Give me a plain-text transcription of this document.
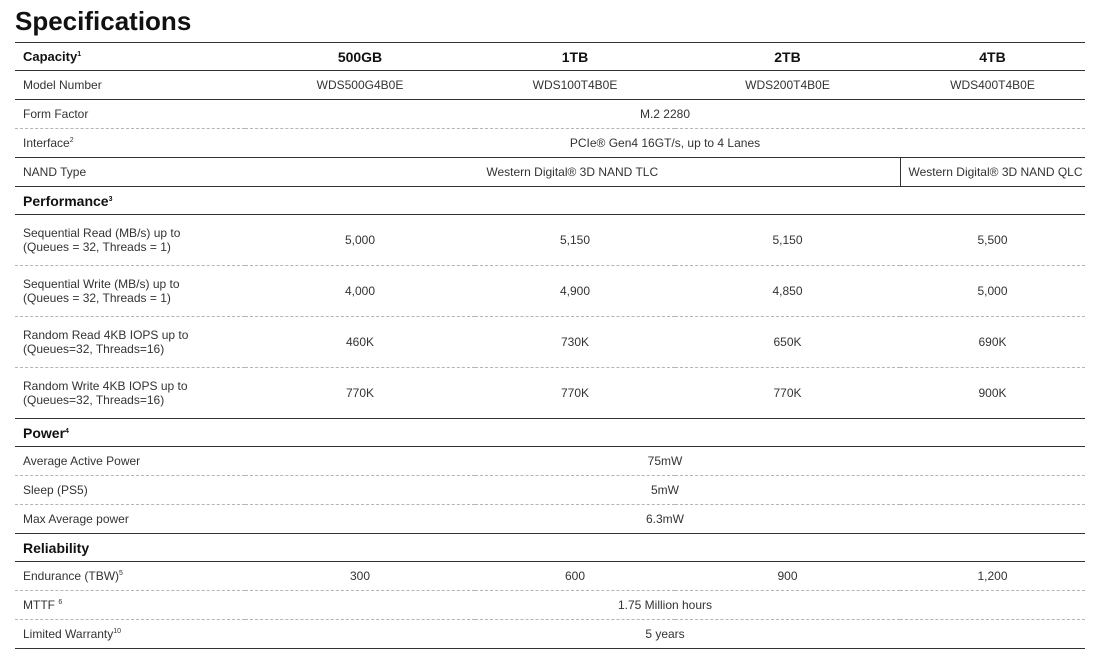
Specifications
Capacity$^1$	500GB	1TB	2TB	4TB
Model Number	WDS500G4B0E	WDS100T4B0E	WDS200T4B0E	WDS400T4B0E
Form Factor	M.2 2280			
Interface$^2$	PCIe® Gen4 16GT/s, up to 4 Lanes			
NAND Type	Western Digital® 3D NAND TLC			Western Digital® 3D NAND QLC
Performance$^3$

Sequential Read (MB/s) up to
(Queues = 32, Threads = 1)	5,000	5,150	5,150	5,500

Sequential Write (MB/s) up to
(Queues = 32, Threads = 1)	4,000	4,900	4,850	5,000

Random Read 4KB IOPS up to
(Queues=32, Threads=16)	460K	730K	650K	690K

Random Write 4KB IOPS up to
(Queues=32, Threads=16)	770K	770K	770K	900K
Power$^4$
Average Active Power	75mW			
Sleep (PS5)	5mW			
Max Average power	6.3mW			
Reliability				
Endurance (TBW)$^5$	300	600	900	1,200
MTTF $^6$	1.75 Million hours			
Limited Warranty$^{10}$	5 years			
